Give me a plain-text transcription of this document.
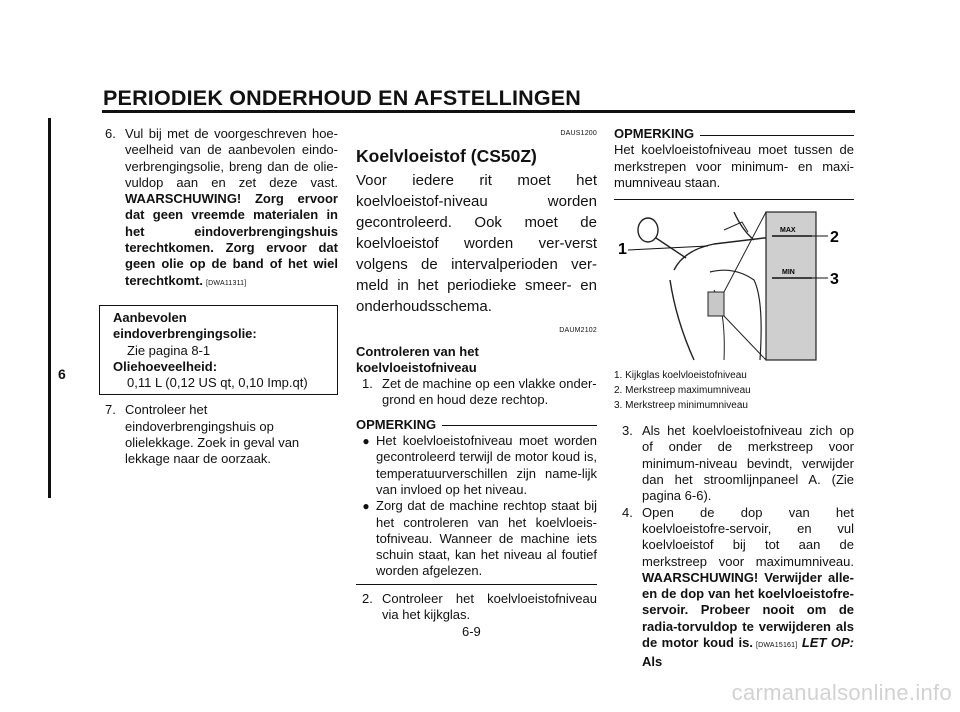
PERIODIEK ONDERHOUD EN AFSTELLINGEN
6
6. Vul bij met de voorgeschreven hoe-veelheid van de aanbevolen eindo-verbrengingsolie, breng dan de olie-vuldop aan en zet deze vast. WAARSCHUWING! Zorg ervoor dat geen vreemde materialen in het eindoverbrengingshuis terechtkomen. Zorg ervoor dat geen olie op de band of het wiel terechtkomt. [DWA11311]
Aanbevolen eindoverbrengingsolie:
Zie pagina 8-1
Oliehoeveelheid:
0,11 L (0,12 US qt, 0,10 Imp.qt)
7. Controleer het eindoverbrengingshuis op olielekkage. Zoek in geval van lekkage naar de oorzaak.
DAUS1200
Koelvloeistof (CS50Z)
Voor iedere rit moet het koelvloeistof-niveau worden gecontroleerd. Ook moet de koelvloeistof worden ver-verst volgens de intervalperioden ver-meld in het periodieke smeer- en onderhoudsschema.
DAUM2102
Controleren van het koelvloeistofniveau
1. Zet de machine op een vlakke onder-grond en houd deze rechtop.
OPMERKING
● Het koelvloeistofniveau moet worden gecontroleerd terwijl de motor koud is, temperatuurverschillen zijn name-lijk van invloed op het niveau.
● Zorg dat de machine rechtop staat bij het controleren van het koelvloeis-tofniveau. Wanneer de machine iets schuin staat, kan het niveau al foutief worden afgelezen.
2. Controleer het koelvloeistofniveau via het kijkglas.
OPMERKING
Het koelvloeistofniveau moet tussen de merkstrepen voor minimum- en maxi-mumniveau staan.
MAX
MIN
1
2
3
1. Kijkglas koelvloeistofniveau
2. Merkstreep maximumniveau
3. Merkstreep minimumniveau
3. Als het koelvloeistofniveau zich op of onder de merkstreep voor minimum-niveau bevindt, verwijder dan het stroomlijnpaneel A. (Zie pagina 6-6).
4. Open de dop van het koelvloeistofre-servoir, en vul koelvloeistof bij tot aan de merkstreep voor maximumniveau. WAARSCHUWING! Verwijder alle-en de dop van het koelvloeistofre-servoir. Probeer nooit om de radia-torvuldop te verwijderen als de motor koud is. [DWA15161] LET OP: Als
6-9
carmanualsonline.info
